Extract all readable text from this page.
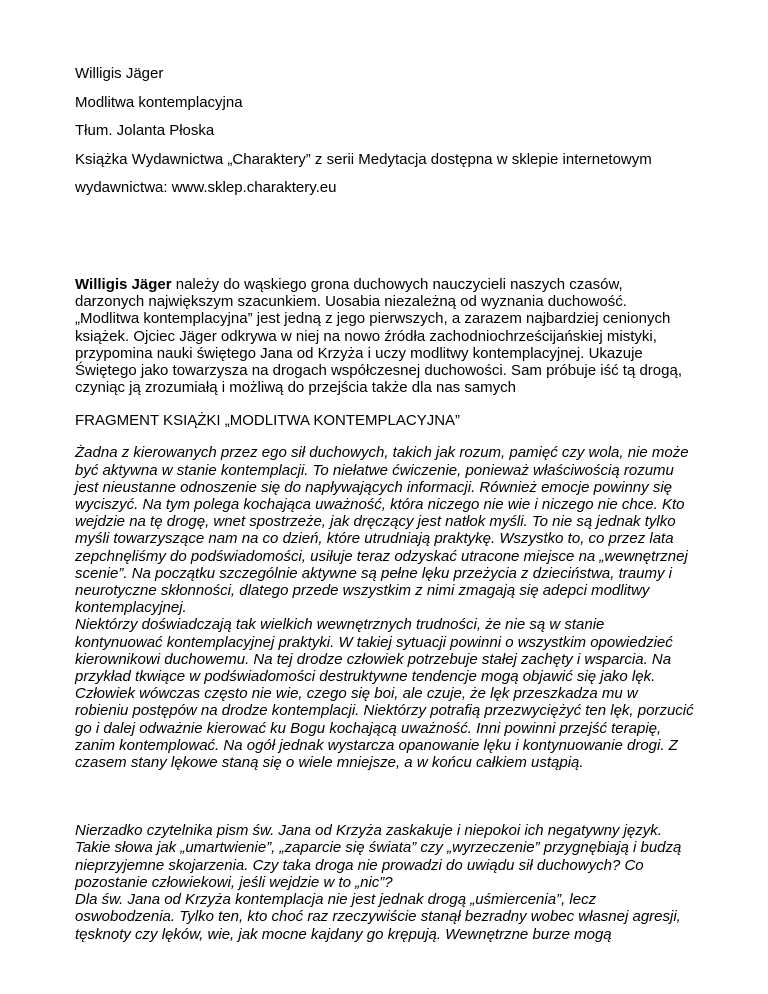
Willigis Jäger
Modlitwa kontemplacyjna
Tłum. Jolanta Płoska
Książka Wydawnictwa „Charaktery” z serii Medytacja dostępna w sklepie internetowym
wydawnictwa: www.sklep.charaktery.eu

Willigis Jäger należy do wąskiego grona duchowych nauczycieli naszych czasów, darzonych największym szacunkiem. Uosabia niezależną od wyznania duchowość. „Modlitwa kontemplacyjna” jest jedną z jego pierwszych, a zarazem najbardziej cenionych książek. Ojciec Jäger odkrywa w niej na nowo źródła zachodniochrześcijańskiej mistyki, przypomina nauki świętego Jana od Krzyża i uczy modlitwy kontemplacyjnej. Ukazuje Świętego jako towarzysza na drogach współczesnej duchowości. Sam próbuje iść tą drogą, czyniąc ją zrozumiałą i możliwą do przejścia także dla nas samych

FRAGMENT KSIĄŻKI „MODLITWA KONTEMPLACYJNA”

Żadna z kierowanych przez ego sił duchowych, takich jak rozum, pamięć czy wola, nie może być aktywna w stanie kontemplacji. To niełatwe ćwiczenie, ponieważ właściwością rozumu jest nieustanne odnoszenie się do napływających informacji. Również emocje powinny się wyciszyć. Na tym polega kochająca uważność, która niczego nie wie i niczego nie chce. Kto wejdzie na tę drogę, wnet spostrzeże, jak dręczący jest natłok myśli. To nie są jednak tylko myśli towarzyszące nam na co dzień, które utrudniają praktykę. Wszystko to, co przez lata zepchnęliśmy do podświadomości, usiłuje teraz odzyskać utracone miejsce na „wewnętrznej scenie”. Na początku szczególnie aktywne są pełne lęku przeżycia z dzieciństwa, traumy i neurotyczne skłonności, dlatego przede wszystkim z nimi zmagają się adepci modlitwy kontemplacyjnej.

Niektórzy doświadczają tak wielkich wewnętrznych trudności, że nie są w stanie kontynuować kontemplacyjnej praktyki. W takiej sytuacji powinni o wszystkim opowiedzieć kierownikowi duchowemu. Na tej drodze człowiek potrzebuje stałej zachęty i wsparcia. Na przykład tkwiące w podświadomości destruktywne tendencje mogą objawić się jako lęk. Człowiek wówczas często nie wie, czego się boi, ale czuje, że lęk przeszkadza mu w robieniu postępów na drodze kontemplacji. Niektórzy potrafią przezwyciężyć ten lęk, porzucić go i dalej odważnie kierować ku Bogu kochającą uważność. Inni powinni przejść terapię, zanim kontemplować. Na ogół jednak wystarcza opanowanie lęku i kontynuowanie drogi. Z czasem stany lękowe staną się o wiele mniejsze, a w końcu całkiem ustąpią.

Nierzadko czytelnika pism św. Jana od Krzyża zaskakuje i niepokoi ich negatywny język. Takie słowa jak „umartwienie”, „zaparcie się świata” czy „wyrzeczenie” przygnębiają i budzą nieprzyjemne skojarzenia. Czy taka droga nie prowadzi do uwiądu sił duchowych? Co pozostanie człowiekowi, jeśli wejdzie w to „nic”?

Dla św. Jana od Krzyża kontemplacja nie jest jednak drogą „uśmiercenia”, lecz oswobodzenia. Tylko ten, kto choć raz rzeczywiście stanął bezradny wobec własnej agresji, tęsknoty czy lęków, wie, jak mocne kajdany go krępują. Wewnętrzne burze mogą
